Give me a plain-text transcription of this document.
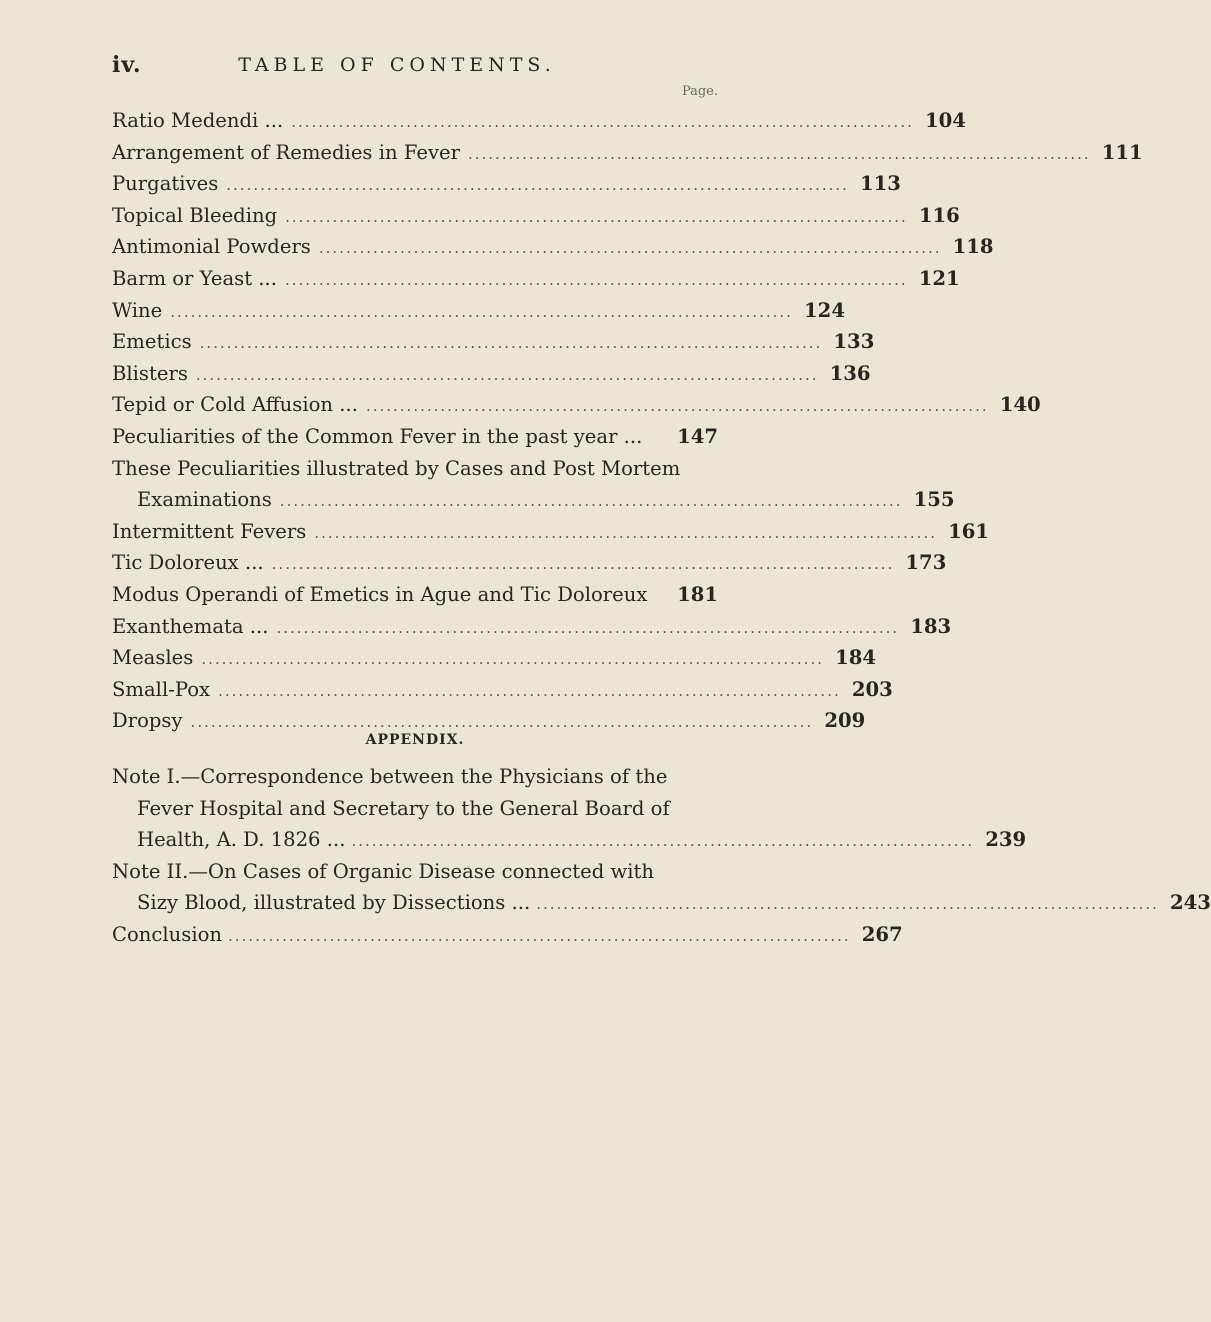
iv.	TABLE OF CONTENTS.
Page.
Ratio Medendi ... ............................................................................................ 104
Arrangement of Remedies in Fever ............................................................................................ 111
Purgatives ............................................................................................ 113
Topical Bleeding ............................................................................................ 116
Antimonial Powders ............................................................................................ 118
Barm or Yeast ... ............................................................................................ 121
Wine ............................................................................................ 124
Emetics ............................................................................................ 133
Blisters ............................................................................................ 136
Tepid or Cold Affusion ... ............................................................................................ 140
Peculiarities of the Common Fever in the past year ...	147
These Peculiarities illustrated by Cases and Post Mortem
Examinations ............................................................................................ 155
Intermittent Fevers ............................................................................................ 161
Tic Doloreux ... ............................................................................................ 173
Modus Operandi of Emetics in Ague and Tic Doloreux	181
Exanthemata ... ............................................................................................ 183
Measles ............................................................................................ 184
Small-Pox ............................................................................................ 203
Dropsy ............................................................................................ 209
APPENDIX.
Note I.—Correspondence between the Physicians of the
Fever Hospital and Secretary to the General Board of
Health, A. D. 1826 ... ............................................................................................ 239
Note II.—On Cases of Organic Disease connected with
Sizy Blood, illustrated by Dissections ... ............................................................................................ 243
Conclusion ............................................................................................ 267
